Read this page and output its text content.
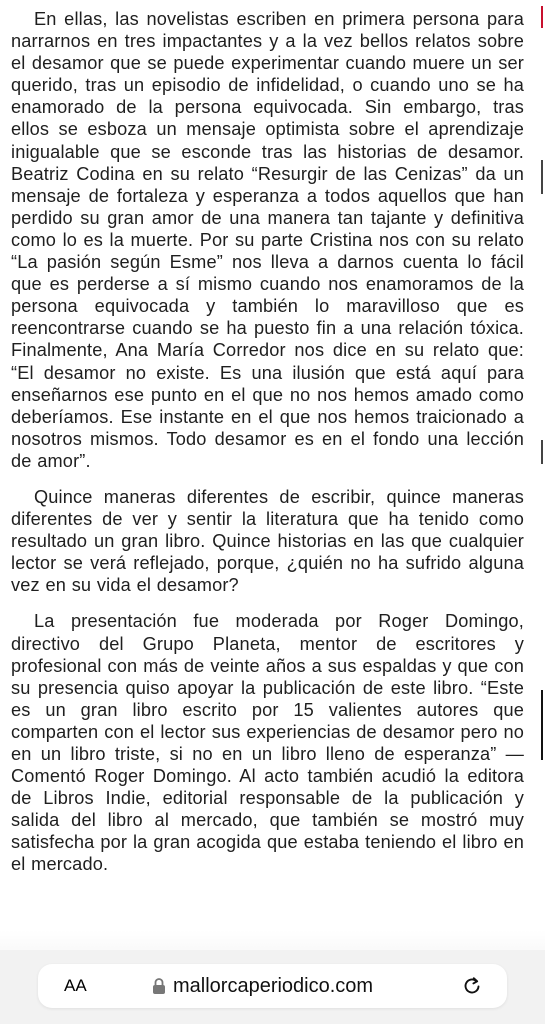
En ellas, las novelistas escriben en primera persona para narrarnos en tres impactantes y a la vez bellos relatos sobre el desamor que se puede experimentar cuando muere un ser querido, tras un episodio de infidelidad, o cuando uno se ha enamorado de la persona equivocada. Sin embargo, tras ellos se esboza un mensaje optimista sobre el aprendizaje inigualable que se esconde tras las historias de desamor. Beatriz Codina en su relato “Resurgir de las Cenizas” da un mensaje de fortaleza y esperanza a todos aquellos que han perdido su gran amor de una manera tan tajante y definitiva como lo es la muerte. Por su parte Cristina nos con su relato “La pasión según Esme” nos lleva a darnos cuenta lo fácil que es perderse a sí mismo cuando nos enamoramos de la persona equivocada y también lo maravilloso que es reencontrarse cuando se ha puesto fin a una relación tóxica. Finalmente, Ana María Corredor nos dice en su relato que: “El desamor no existe. Es una ilusión que está aquí para enseñarnos ese punto en el que no nos hemos amado como deberíamos. Ese instante en el que nos hemos traicionado a nosotros mismos. Todo desamor es en el fondo una lección de amor”.

Quince maneras diferentes de escribir, quince maneras diferentes de ver y sentir la literatura que ha tenido como resultado un gran libro. Quince historias en las que cualquier lector se verá reflejado, porque, ¿quién no ha sufrido alguna vez en su vida el desamor?

La presentación fue moderada por Roger Domingo, directivo del Grupo Planeta, mentor de escritores y profesional con más de veinte años a sus espaldas y que con su presencia quiso apoyar la publicación de este libro. “Este es un gran libro escrito por 15 valientes autores que comparten con el lector sus experiencias de desamor pero no en un libro triste, si no en un libro lleno de esperanza” —Comentó Roger Domingo. Al acto también acudió la editora de Libros Indie, editorial responsable de la publicación y salida del libro al mercado, que también se mostró muy satisfecha por la gran acogida que estaba teniendo el libro en el mercado.

AA	mallorcaperiodico.com
